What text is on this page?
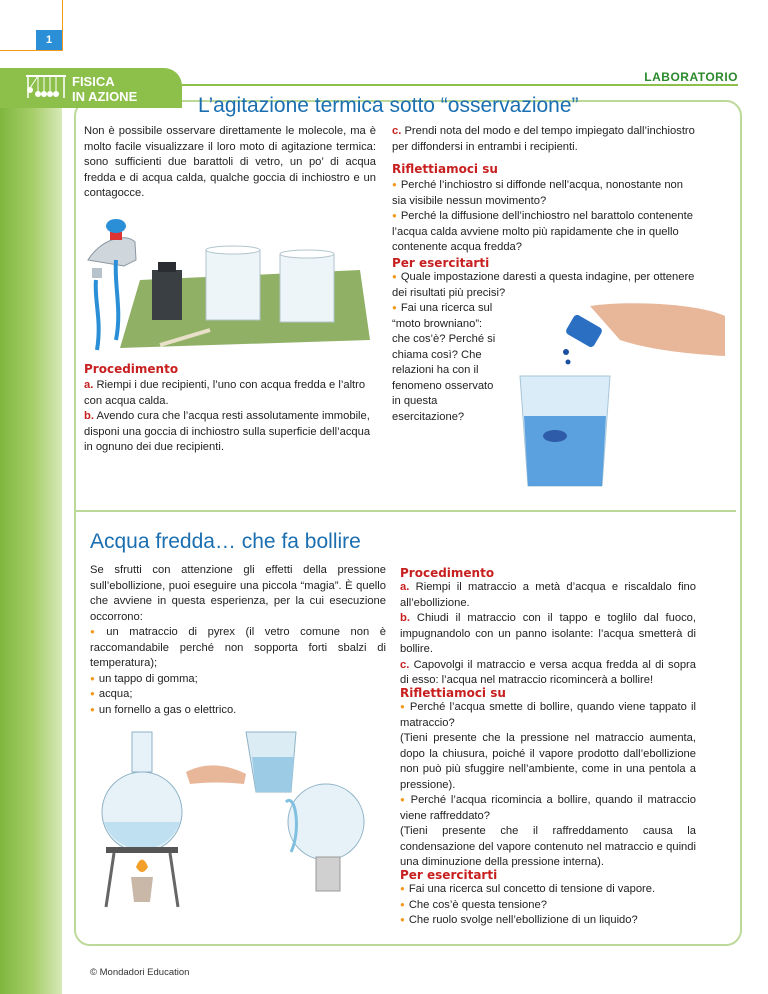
1
FISICA
IN AZIONE
LABORATORIO
L’agitazione termica sotto “osservazione”
Non è possibile osservare direttamente le molecole, ma è molto facile visualizzare il loro moto di agitazione termica: sono sufficienti due barattoli di vetro, un po’ di acqua fredda e di acqua calda, qualche goccia di inchiostro e un contagocce.
Procedimento
a. Riempi i due recipienti, l’uno con acqua fredda e l’altro con acqua calda.
b. Avendo cura che l’acqua resti assolutamente immobile, disponi una goccia di inchiostro sulla superficie dell’acqua in ognuno dei due recipienti.
c. Prendi nota del modo e del tempo impiegato dall’inchiostro per diffondersi in entrambi i recipienti.
Riflettiamoci su
● Perché l’inchiostro si diffonde nell’acqua, nonostante non sia visibile nessun movimento?
● Perché la diffusione dell’inchiostro nel barattolo contenente l’acqua calda avviene molto più rapidamente che in quello contenente acqua fredda?
Per esercitarti
● Quale impostazione daresti a questa indagine, per ottenere dei risultati più precisi?
● Fai una ricerca sul “moto browniano”: che cos’è? Perché si chiama così? Che relazioni ha con il fenomeno osservato in questa esercitazione?
Acqua fredda… che fa bollire
Se sfrutti con attenzione gli effetti della pressione sull’ebollizione, puoi eseguire una piccola “magia”. È quello che avviene in questa esperienza, per la cui esecuzione occorrono:
● un matraccio di pyrex (il vetro comune non è raccomandabile perché non sopporta forti sbalzi di temperatura);
● un tappo di gomma;
● acqua;
● un fornello a gas o elettrico.
Procedimento
a. Riempi il matraccio a metà d’acqua e riscaldalo fino all’ebollizione.
b. Chiudi il matraccio con il tappo e toglilo dal fuoco, impugnandolo con un panno isolante: l’acqua smetterà di bollire.
c. Capovolgi il matraccio e versa acqua fredda al di sopra di esso: l’acqua nel matraccio ricomincerà a bollire!
Riflettiamoci su
● Perché l’acqua smette di bollire, quando viene tappato il matraccio?
(Tieni presente che la pressione nel matraccio aumenta, dopo la chiusura, poiché il vapore prodotto dall’ebollizione non può più sfuggire nell’ambiente, come in una pentola a pressione).
● Perché l’acqua ricomincia a bollire, quando il matraccio viene raffreddato?
(Tieni presente che il raffreddamento causa la condensazione del vapore contenuto nel matraccio e quindi una diminuzione della pressione interna).
Per esercitarti
● Fai una ricerca sul concetto di tensione di vapore.
● Che cos’è questa tensione?
● Che ruolo svolge nell’ebollizione di un liquido?
© Mondadori Education
